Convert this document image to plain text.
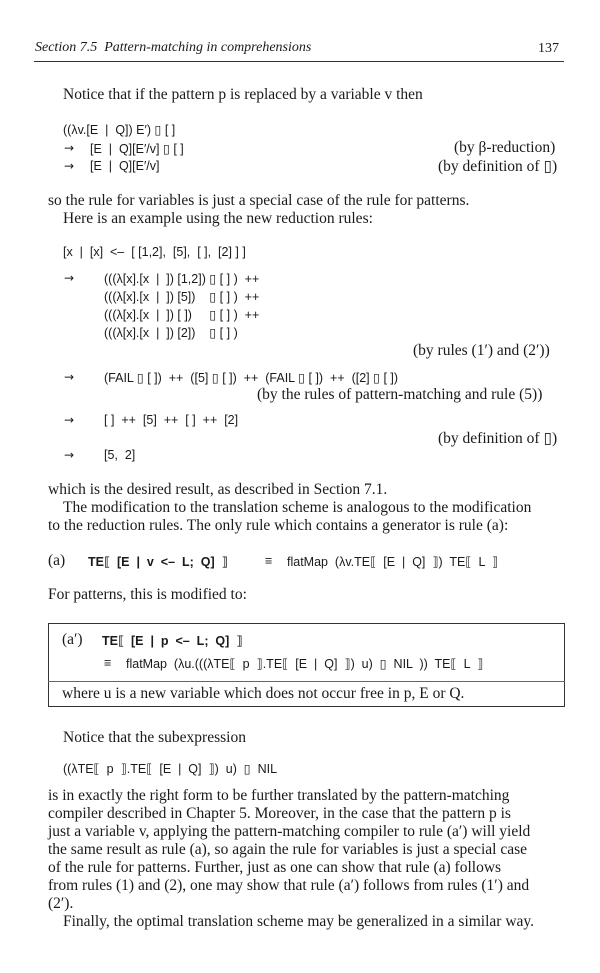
Section 7.5  Pattern-matching in comprehensions	137
Notice that if the pattern p is replaced by a variable v then
((λv.[E  |  Q]) E′) ▯ [ ]
→ [E  |  Q][E′/v] ▯ [ ]	(by β-reduction)
→ [E  |  Q][E′/v]	(by definition of ▯)
so the rule for variables is just a special case of the rule for patterns.
Here is an example using the new reduction rules:
[x  |  [x]  <–  [ [1,2],  [5],  [ ],  [2] ] ]
→ (((λ[x].[x  |  ]) [1,2]) ▯ [ ] )  ++
(((λ[x].[x  |  ]) [5])    ▯ [ ] )  ++
(((λ[x].[x  |  ]) [ ])     ▯ [ ] )  ++
(((λ[x].[x  |  ]) [2])    ▯ [ ] )
(by rules (1′) and (2′))
→ (FAIL ▯ [ ])  ++  ([5] ▯ [ ])  ++  (FAIL ▯ [ ])  ++  ([2] ▯ [ ])
(by the rules of pattern-matching and rule (5))
→ [ ]  ++  [5]  ++  [ ]  ++  [2]
(by definition of ▯)
→ [5,  2]
which is the desired result, as described in Section 7.1.
The modification to the translation scheme is analogous to the modification
to the reduction rules. The only rule which contains a generator is rule (a):
(a) TE⟦  [E  |  v  <–  L;  Q]  ⟧	≡ flatMap  (λv.TE⟦  [E  |  Q]  ⟧)  TE⟦  L  ⟧
For patterns, this is modified to:
(a′) TE⟦  [E  |  p  <–  L;  Q]  ⟧
≡ flatMap  (λu.(((λTE⟦  p  ⟧.TE⟦  [E  |  Q]  ⟧)  u)  ▯  NIL  ))  TE⟦  L  ⟧
where u is a new variable which does not occur free in p, E or Q.
Notice that the subexpression
((λTE⟦  p  ⟧.TE⟦  [E  |  Q]  ⟧)  u)  ▯  NIL
is in exactly the right form to be further translated by the pattern-matching
compiler described in Chapter 5. Moreover, in the case that the pattern p is
just a variable v, applying the pattern-matching compiler to rule (a′) will yield
the same result as rule (a), so again the rule for variables is just a special case
of the rule for patterns. Further, just as one can show that rule (a) follows
from rules (1) and (2), one may show that rule (a′) follows from rules (1′) and
(2′).
Finally, the optimal translation scheme may be generalized in a similar way.
